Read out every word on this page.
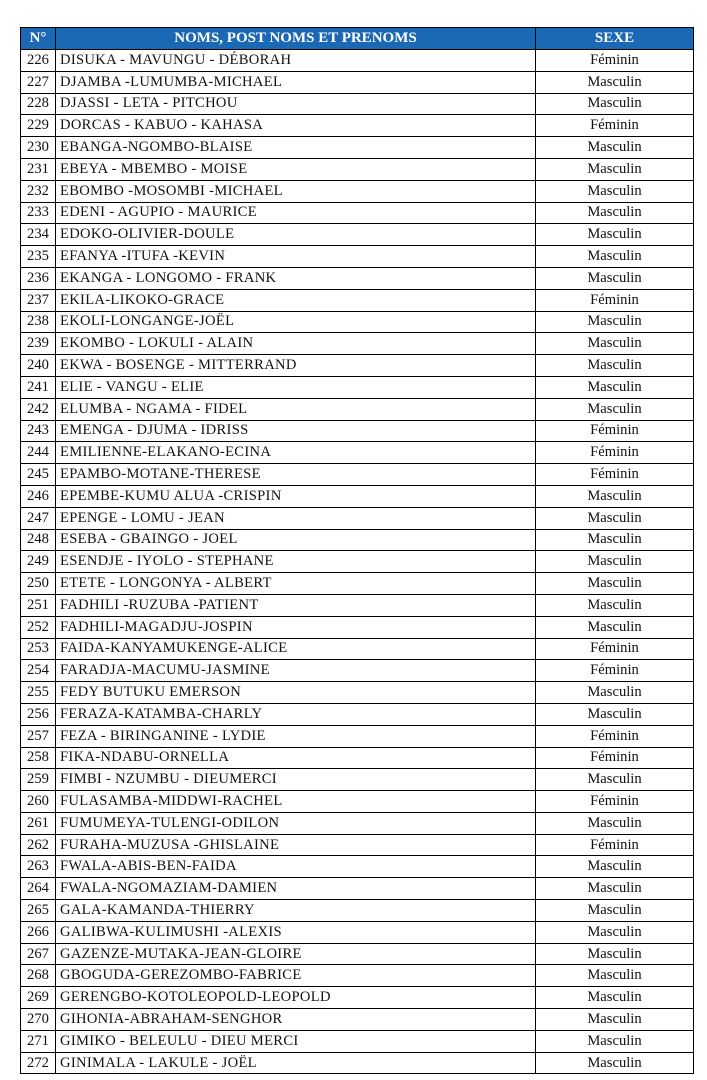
N°	NOMS, POST NOMS ET PRENOMS	SEXE
226	DISUKA - MAVUNGU - DÉBORAH	Féminin
227	DJAMBA -LUMUMBA-MICHAEL	Masculin
228	DJASSI - LETA - PITCHOU	Masculin
229	DORCAS - KABUO - KAHASA	Féminin
230	EBANGA-NGOMBO-BLAISE	Masculin
231	EBEYA - MBEMBO - MOISE	Masculin
232	EBOMBO -MOSOMBI -MICHAEL	Masculin
233	EDENI - AGUPIO - MAURICE	Masculin
234	EDOKO-OLIVIER-DOULE	Masculin
235	EFANYA -ITUFA -KEVIN	Masculin
236	EKANGA - LONGOMO - FRANK	Masculin
237	EKILA-LIKOKO-GRACE	Féminin
238	EKOLI-LONGANGE-JOËL	Masculin
239	EKOMBO - LOKULI - ALAIN	Masculin
240	EKWA - BOSENGE - MITTERRAND	Masculin
241	ELIE - VANGU - ELIE	Masculin
242	ELUMBA - NGAMA - FIDEL	Masculin
243	EMENGA - DJUMA - IDRISS	Féminin
244	EMILIENNE-ELAKANO-ECINA	Féminin
245	EPAMBO-MOTANE-THERESE	Féminin
246	EPEMBE-KUMU ALUA -CRISPIN	Masculin
247	EPENGE - LOMU - JEAN	Masculin
248	ESEBA - GBAINGO - JOEL	Masculin
249	ESENDJE - IYOLO - STEPHANE	Masculin
250	ETETE - LONGONYA - ALBERT	Masculin
251	FADHILI -RUZUBA -PATIENT	Masculin
252	FADHILI-MAGADJU-JOSPIN	Masculin
253	FAIDA-KANYAMUKENGE-ALICE	Féminin
254	FARADJA-MACUMU-JASMINE	Féminin
255	FEDY BUTUKU EMERSON	Masculin
256	FERAZA-KATAMBA-CHARLY	Masculin
257	FEZA - BIRINGANINE - LYDIE	Féminin
258	FIKA-NDABU-ORNELLA	Féminin
259	FIMBI - NZUMBU - DIEUMERCI	Masculin
260	FULASAMBA-MIDDWI-RACHEL	Féminin
261	FUMUMEYA-TULENGI-ODILON	Masculin
262	FURAHA-MUZUSA -GHISLAINE	Féminin
263	FWALA-ABIS-BEN-FAIDA	Masculin
264	FWALA-NGOMAZIAM-DAMIEN	Masculin
265	GALA-KAMANDA-THIERRY	Masculin
266	GALIBWA-KULIMUSHI -ALEXIS	Masculin
267	GAZENZE-MUTAKA-JEAN-GLOIRE	Masculin
268	GBOGUDA-GEREZOMBO-FABRICE	Masculin
269	GERENGBO-KOTOLEOPOLD-LEOPOLD	Masculin
270	GIHONIA-ABRAHAM-SENGHOR	Masculin
271	GIMIKO - BELEULU - DIEU MERCI	Masculin
272	GINIMALA - LAKULE - JOËL	Masculin
